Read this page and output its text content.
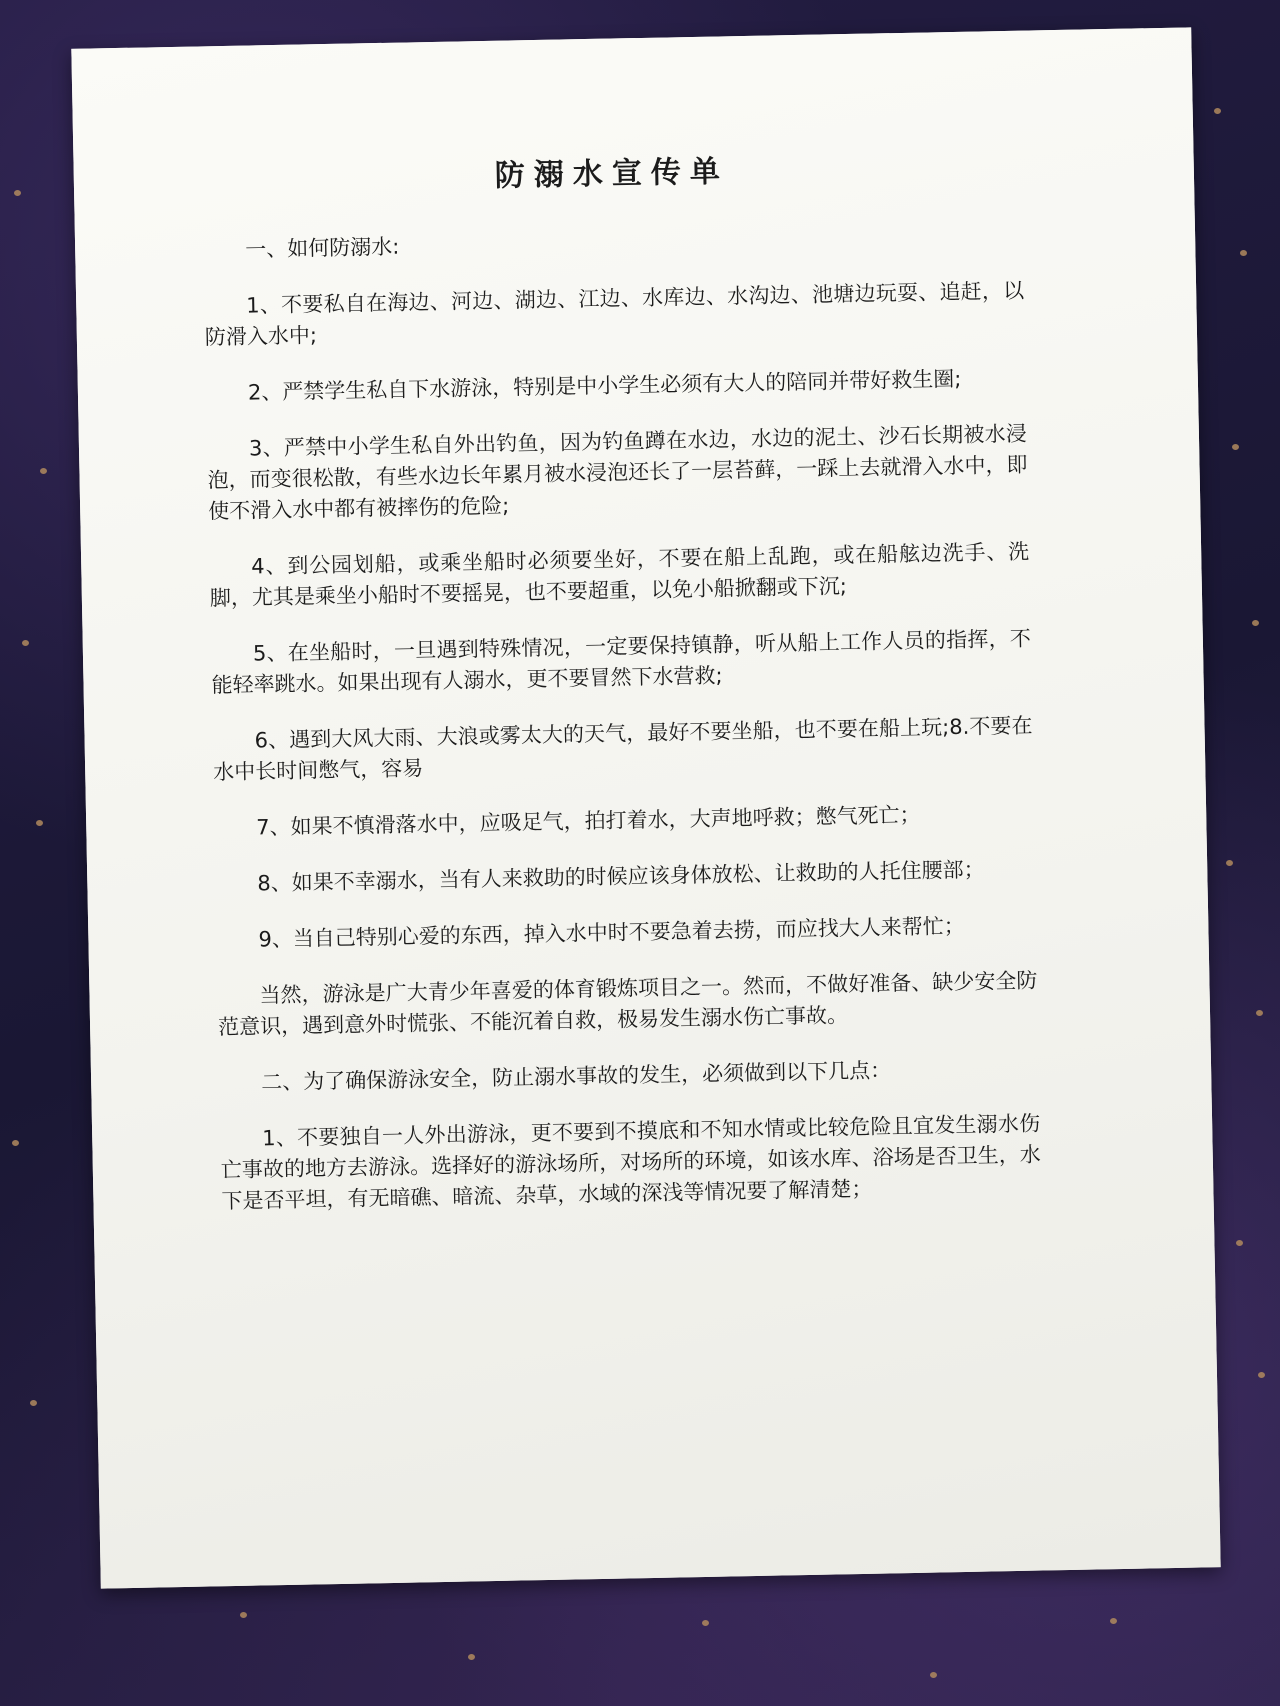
防溺水宣传单

一、如何防溺水:

1、不要私自在海边、河边、湖边、江边、水库边、水沟边、池塘边玩耍、追赶，以防滑入水中;

2、严禁学生私自下水游泳，特别是中小学生必须有大人的陪同并带好救生圈;

3、严禁中小学生私自外出钓鱼，因为钓鱼蹲在水边，水边的泥土、沙石长期被水浸泡，而变很松散，有些水边长年累月被水浸泡还长了一层苔藓，一踩上去就滑入水中，即使不滑入水中都有被摔伤的危险;

4、到公园划船，或乘坐船时必须要坐好，不要在船上乱跑，或在船舷边洗手、洗脚，尤其是乘坐小船时不要摇晃，也不要超重，以免小船掀翻或下沉;

5、在坐船时，一旦遇到特殊情况，一定要保持镇静，听从船上工作人员的指挥，不能轻率跳水。如果出现有人溺水，更不要冒然下水营救;

6、遇到大风大雨、大浪或雾太大的天气，最好不要坐船，也不要在船上玩;8.不要在水中长时间憋气，容易

7、如果不慎滑落水中，应吸足气，拍打着水，大声地呼救；憋气死亡；

8、如果不幸溺水，当有人来救助的时候应该身体放松、让救助的人托住腰部；

9、当自己特别心爱的东西，掉入水中时不要急着去捞，而应找大人来帮忙；

当然，游泳是广大青少年喜爱的体育锻炼项目之一。然而，不做好准备、缺少安全防范意识，遇到意外时慌张、不能沉着自救，极易发生溺水伤亡事故。

二、为了确保游泳安全，防止溺水事故的发生，必须做到以下几点：

1、不要独自一人外出游泳，更不要到不摸底和不知水情或比较危险且宜发生溺水伤亡事故的地方去游泳。选择好的游泳场所，对场所的环境，如该水库、浴场是否卫生，水下是否平坦，有无暗礁、暗流、杂草，水域的深浅等情况要了解清楚；
